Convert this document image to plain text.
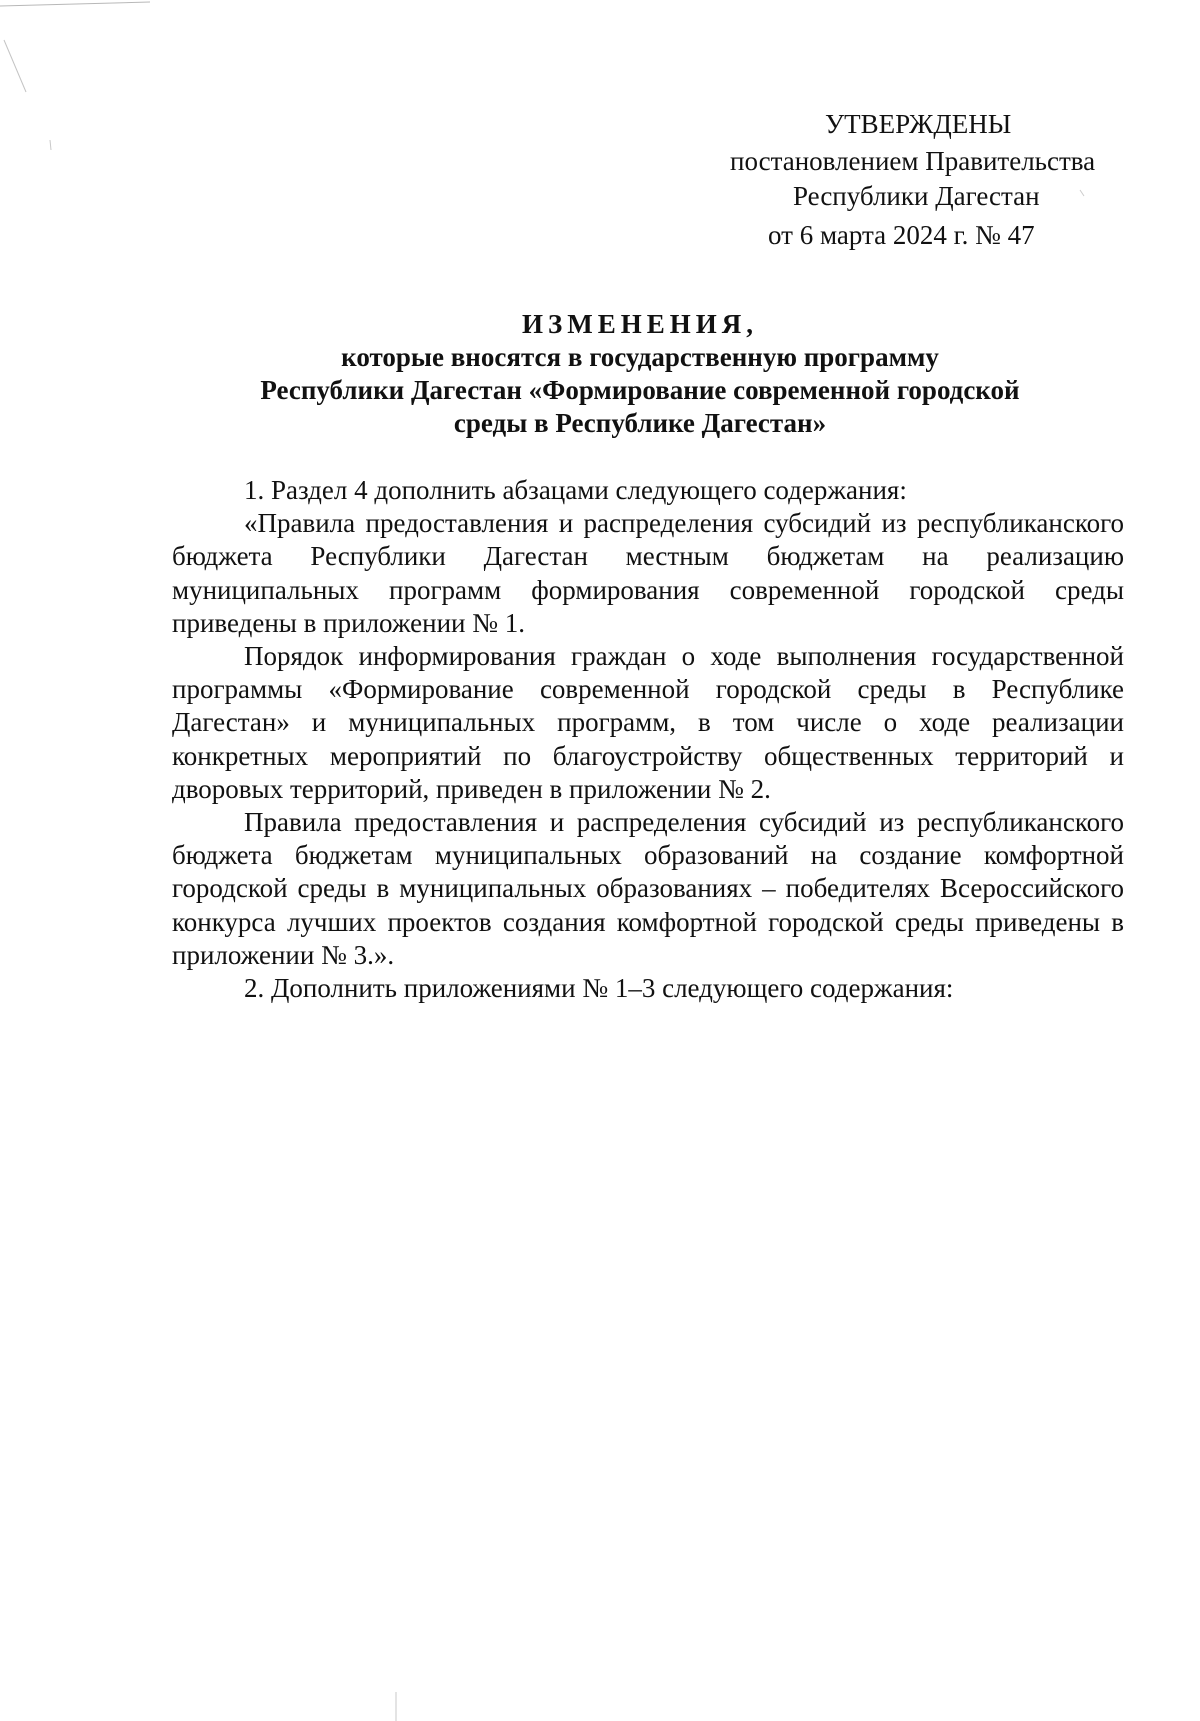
УТВЕРЖДЕНЫ
постановлением Правительства
Республики Дагестан
от 6 марта 2024 г. № 47
ИЗМЕНЕНИЯ,
которые вносятся в государственную программу
Республики Дагестан «Формирование современной городской
среды в Республике Дагестан»

1. Раздел 4 дополнить абзацами следующего содержания:

«Правила предоставления и распределения субсидий из республиканского бюджета Республики Дагестан местным бюджетам на реализацию муниципальных программ формирования современной городской среды приведены в приложении № 1.

Порядок информирования граждан о ходе выполнения государственной программы «Формирование современной городской среды в Республике Дагестан» и муниципальных программ, в том числе о ходе реализации конкретных мероприятий по благоустройству общественных территорий и дворовых территорий, приведен в приложении № 2.

Правила предоставления и распределения субсидий из республиканского бюджета бюджетам муниципальных образований на создание комфортной городской среды в муниципальных образованиях – победителях Всероссийского конкурса лучших проектов создания комфортной городской среды приведены в приложении № 3.».

2. Дополнить приложениями № 1–3 следующего содержания:
